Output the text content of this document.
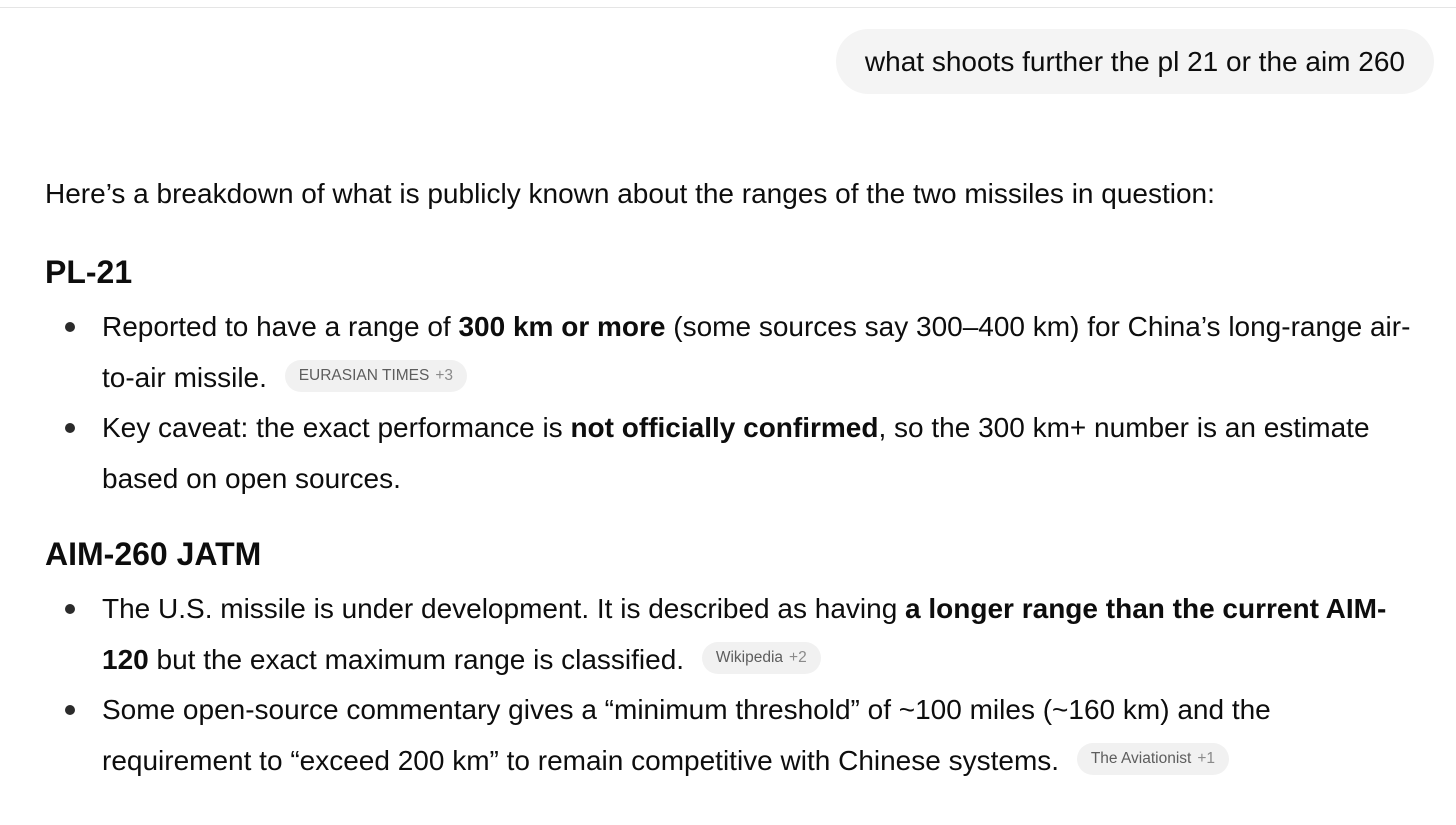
what shoots further the pl 21 or the aim 260

Here’s a breakdown of what is publicly known about the ranges of the two missiles in question:

PL-21
Reported to have a range of 300 km or more (some sources say 300–400 km) for China’s long-range air-to-air missile. EURASIAN TIMES +3
Key caveat: the exact performance is not officially confirmed, so the 300 km+ number is an estimate based on open sources.
AIM-260 JATM
The U.S. missile is under development. It is described as having a longer range than the current AIM-120 but the exact maximum range is classified. Wikipedia +2
Some open-source commentary gives a “minimum threshold” of ~100 miles (~160 km) and the requirement to “exceed 200 km” to remain competitive with Chinese systems. The Aviationist +1
